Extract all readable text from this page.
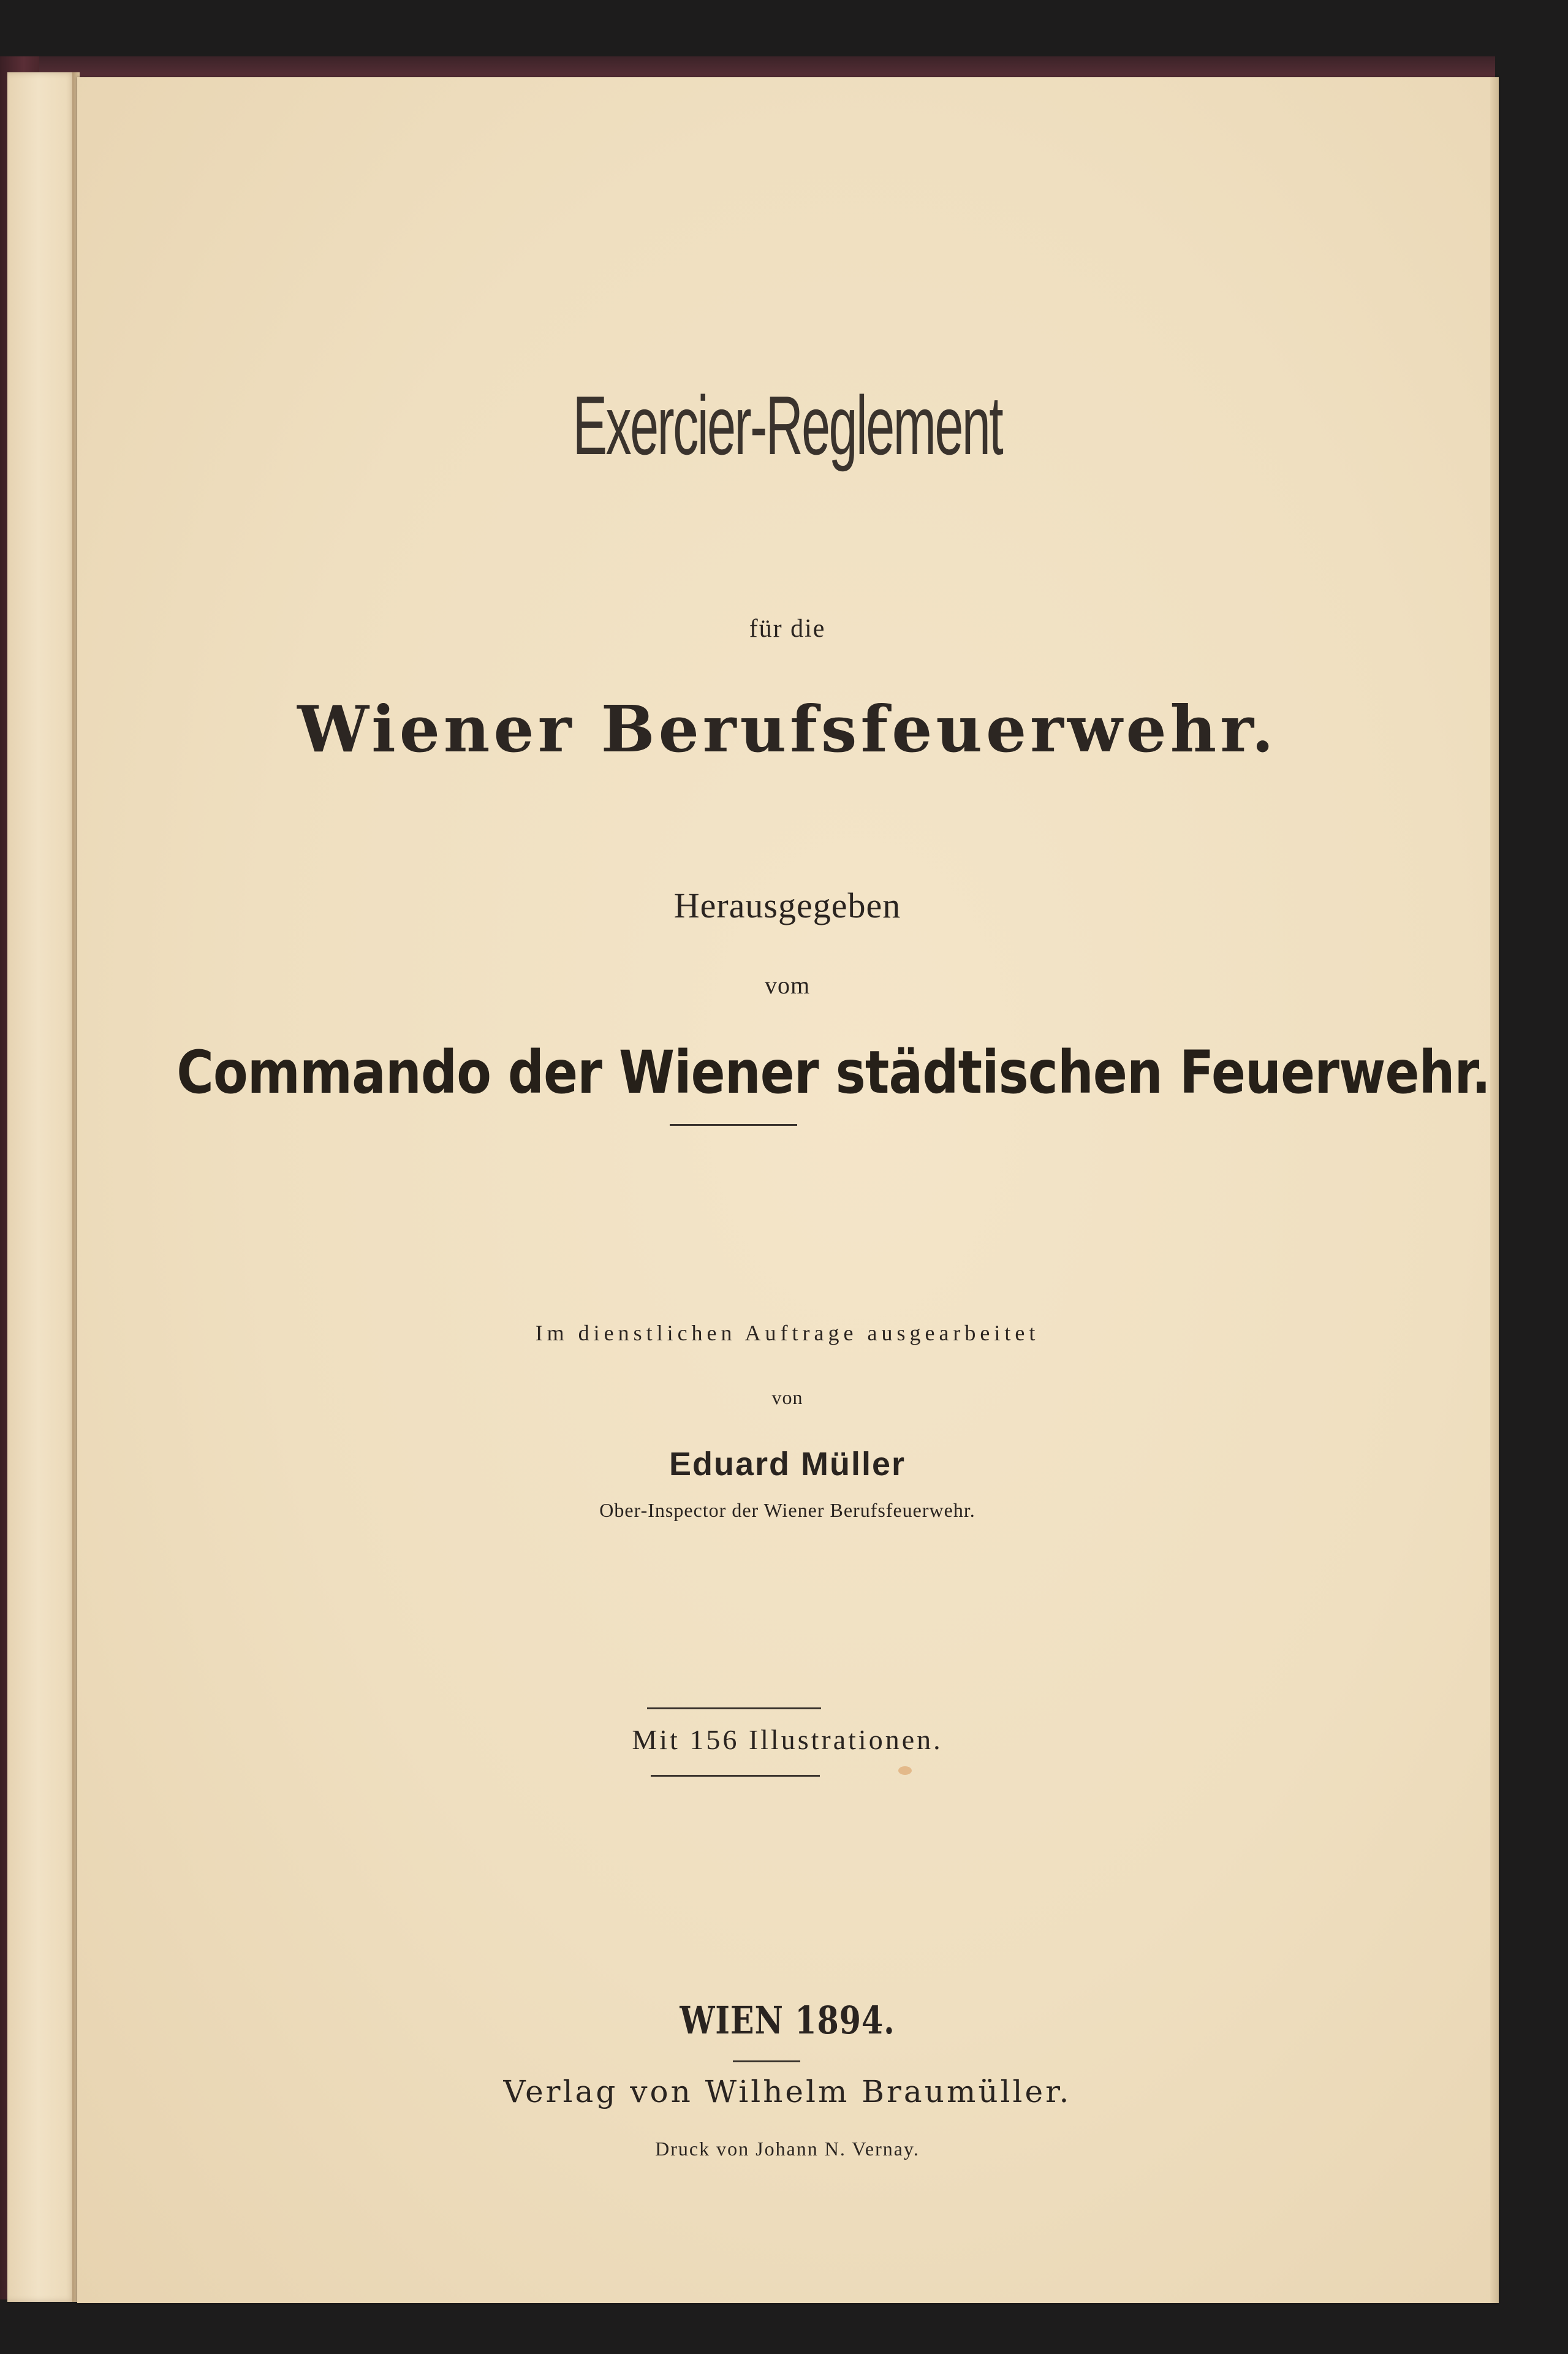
Exercier-Reglement
für die
Wiener Berufsfeuerwehr.
Herausgegeben
vom
Commando der Wiener städtischen Feuerwehr.
Im dienstlichen Auftrage ausgearbeitet
von
Eduard Müller
Ober-Inspector der Wiener Berufsfeuerwehr.
Mit 156 Illustrationen.
WIEN 1894.
Verlag von Wilhelm Braumüller.
Druck von Johann N. Vernay.
